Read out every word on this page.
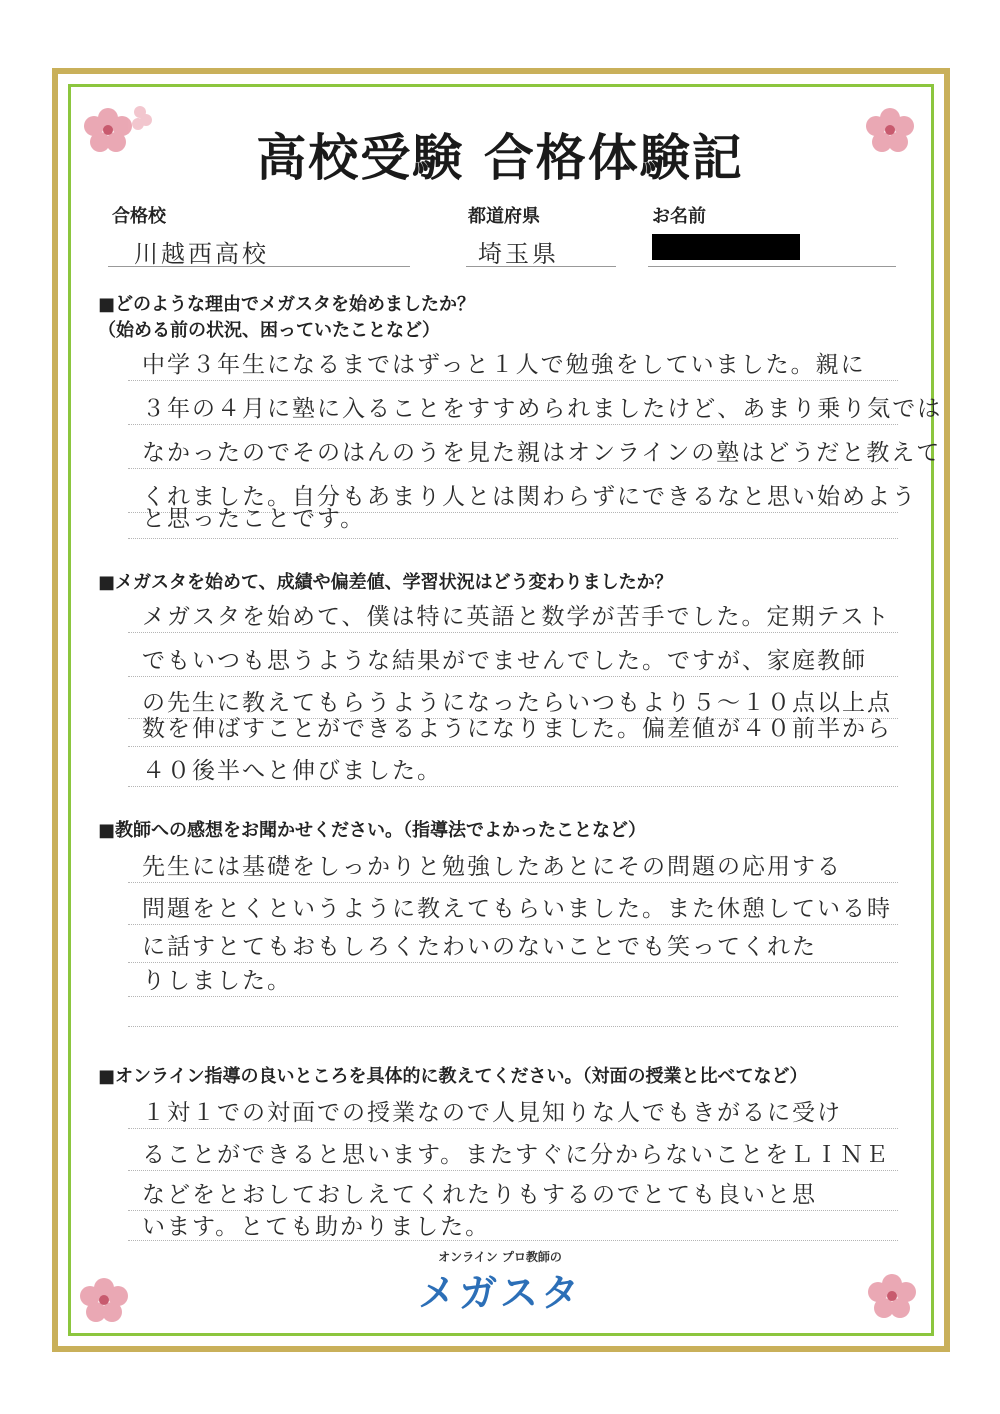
高校受験 合格体験記
合格校
川越西高校
都道府県
埼玉県
お名前
■どのような理由でメガスタを始めましたか？
（始める前の状況、困っていたことなど）
中学３年生になるまではずっと１人で勉強をしていました。親に
３年の４月に塾に入ることをすすめられましたけど、あまり乗り気では
なかったのでそのはんのうを見た親はオンラインの塾はどうだと教えて
くれました。自分もあまり人とは関わらずにできるなと思い始めよう
と思ったことです。
■メガスタを始めて、成績や偏差値、学習状況はどう変わりましたか？
メガスタを始めて、僕は特に英語と数学が苦手でした。定期テスト
でもいつも思うような結果がでませんでした。ですが、家庭教師
の先生に教えてもらうようになったらいつもより５～１０点以上点
数を伸ばすことができるようになりました。偏差値が４０前半から
４０後半へと伸びました。
■教師への感想をお聞かせください。（指導法でよかったことなど）
先生には基礎をしっかりと勉強したあとにその問題の応用する
問題をとくというように教えてもらいました。また休憩している時
に話すとてもおもしろくたわいのないことでも笑ってくれた
りしました。
■オンライン指導の良いところを具体的に教えてください。（対面の授業と比べてなど）
１対１での対面での授業なので人見知りな人でもきがるに受け
ることができると思います。またすぐに分からないことをＬＩＮＥ
などをとおしておしえてくれたりもするのでとても良いと思
います。とても助かりました。
オンライン プロ教師の
メガスタ
